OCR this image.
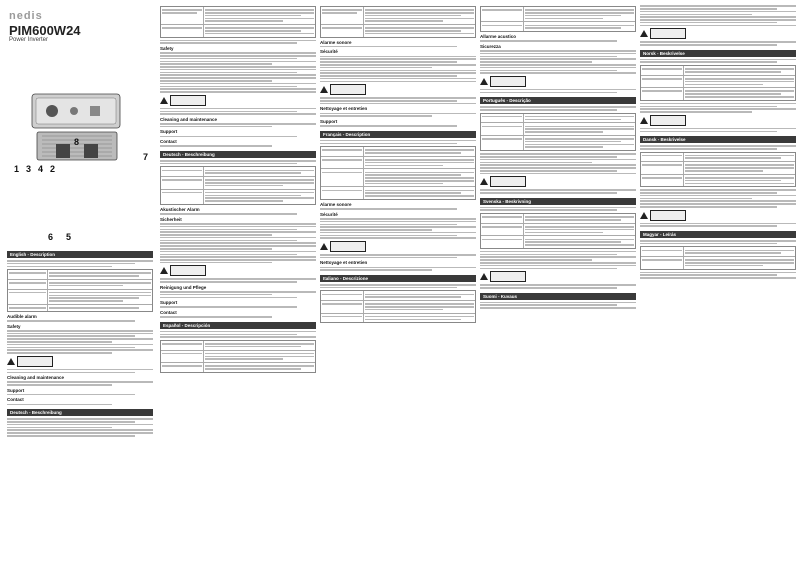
nedis
PIM600W24
Power Inverter
1 3 4 2
8
7
6 5
English - Description
Audible alarm
Safety
Cleaning and maintenance
Support
Contact
Deutsch - Beschreibung
Safety
Cleaning and maintenance
Support
Contact
Deutsch - Beschreibung
Akustischer Alarm
Sicherheit
Reinigung und Pflege
Support
Contact
Español - Descripción
Alarme sonore
Sécurité
Nettoyage et entretien
Support
Français - Description
Alarme sonore
Sécurité
Nettoyage et entretien
Italiano - Descrizione
Allarme acustico
Sicurezza
Português - Descrição
Svenska - Beskrivning
Suomi - Kuvaus
Norsk - Beskrivelse
Dansk - Beskrivelse
Magyar - Leírás
